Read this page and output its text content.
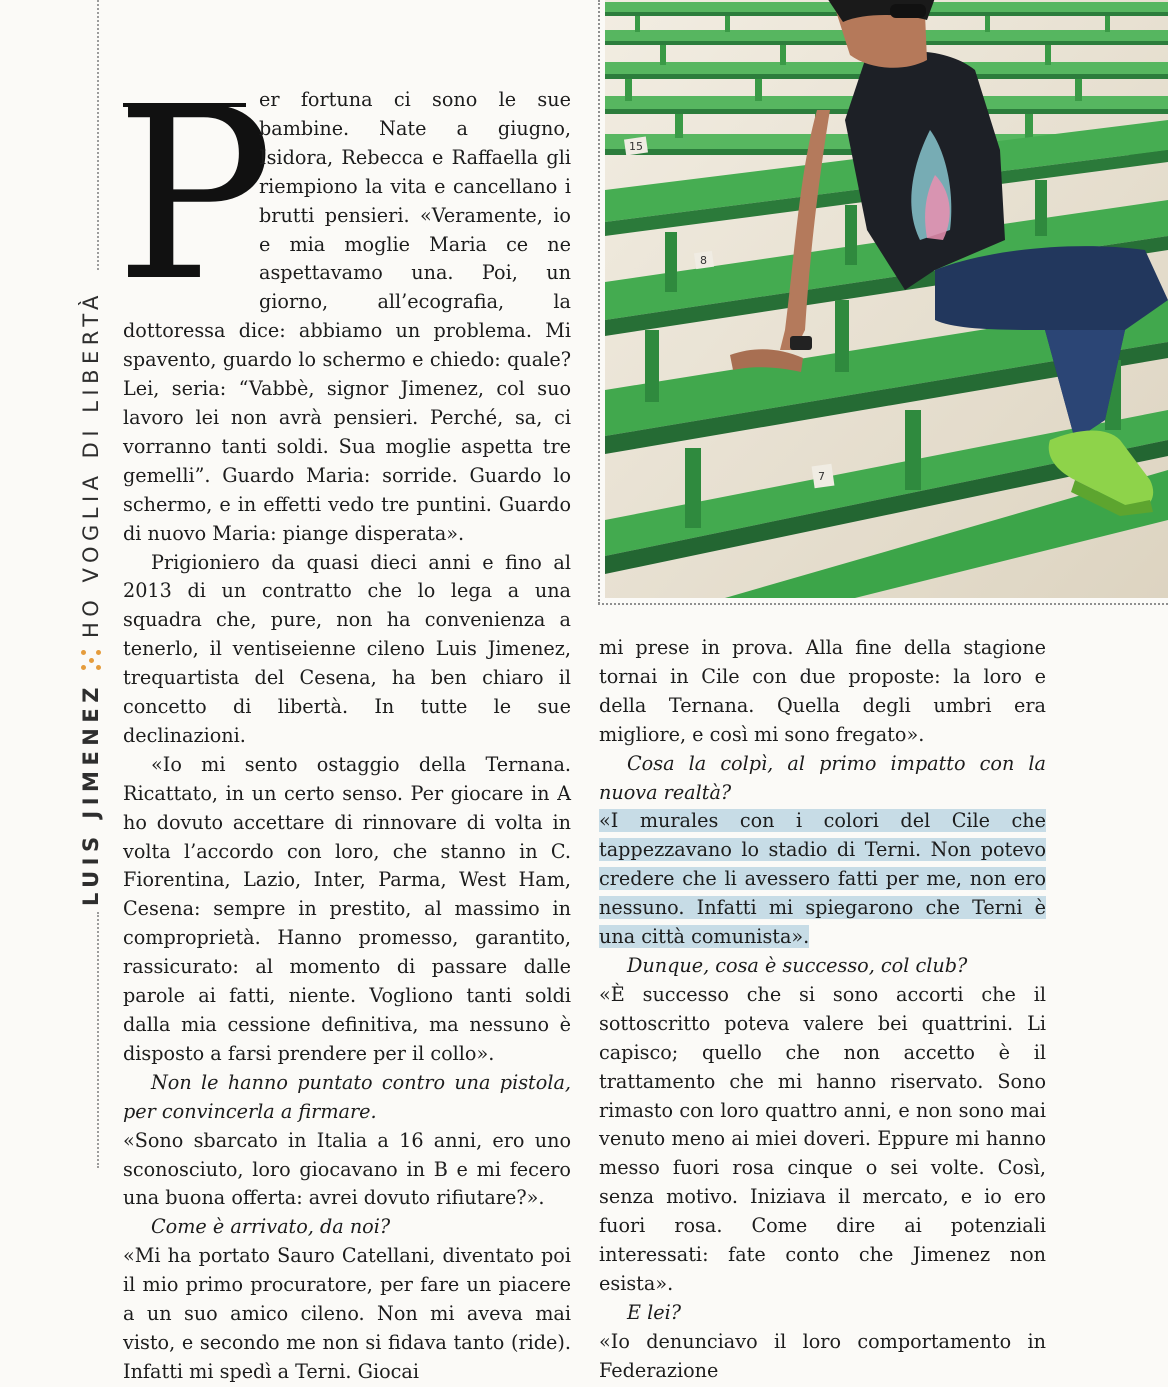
LUIS JIMENEZ
HO VOGLIA DI LIBERTÀ

P
er fortuna ci sono le sue bambine. Nate a giugno, Isidora, Rebecca e Raffaella gli riempiono la vita e cancellano i brutti pensieri. «Veramente, io e mia moglie Maria ce ne aspettavamo una. Poi, un giorno, all’ecografia, la dottoressa dice: abbiamo un problema. Mi spavento, guardo lo schermo e chiedo: quale? Lei, seria: “Vabbè, signor Jimenez, col suo lavoro lei non avrà pensieri. Perché, sa, ci vorranno tanti soldi. Sua moglie aspetta tre gemelli”. Guardo Maria: sorride. Guardo lo schermo, e in effetti vedo tre puntini. Guardo di nuovo Maria: piange disperata».

Prigioniero da quasi dieci anni e fino al 2013 di un contratto che lo lega a una squadra che, pure, non ha convenienza a tenerlo, il ventiseienne cileno Luis Jimenez, trequartista del Cesena, ha ben chiaro il concetto di libertà. In tutte le sue declinazioni.

«Io mi sento ostaggio della Ternana. Ricattato, in un certo senso. Per giocare in A ho dovuto accettare di rinnovare di volta in volta l’accordo con loro, che stanno in C. Fiorentina, Lazio, Inter, Parma, West Ham, Cesena: sempre in prestito, al massimo in comproprietà. Hanno promesso, garantito, rassicurato: al momento di passare dalle parole ai fatti, niente. Vogliono tanti soldi dalla mia cessione definitiva, ma nessuno è disposto a farsi prendere per il collo».

Non le hanno puntato contro una pistola, per convincerla a firmare.

«Sono sbarcato in Italia a 16 anni, ero uno sconosciuto, loro giocavano in B e mi fecero una buona offerta: avrei dovuto rifiutare?».

Come è arrivato, da noi?

«Mi ha portato Sauro Catellani, diventato poi il mio primo procuratore, per fare un piacere a un suo amico cileno. Non mi aveva mai visto, e secondo me non si fidava tanto (ride). Infatti mi spedì a Terni. Giocai

15
8
7

mi prese in prova. Alla fine della stagione tornai in Cile con due proposte: la loro e della Ternana. Quella degli umbri era migliore, e così mi sono fregato».

Cosa la colpì, al primo impatto con la nuova realtà?

«I murales con i colori del Cile che tappezzavano lo stadio di Terni. Non potevo credere che li avessero fatti per me, non ero nessuno. Infatti mi spiegarono che Terni è una città comunista».

Dunque, cosa è successo, col club?

«È successo che si sono accorti che il sottoscritto poteva valere bei quattrini. Li capisco; quello che non accetto è il trattamento che mi hanno riservato. Sono rimasto con loro quattro anni, e non sono mai venuto meno ai miei doveri. Eppure mi hanno messo fuori rosa cinque o sei volte. Così, senza motivo. Iniziava il mercato, e io ero fuori rosa. Come dire ai potenziali interessati: fate conto che Jimenez non esista».

E lei?

«Io denunciavo il loro comportamento in Federazione
